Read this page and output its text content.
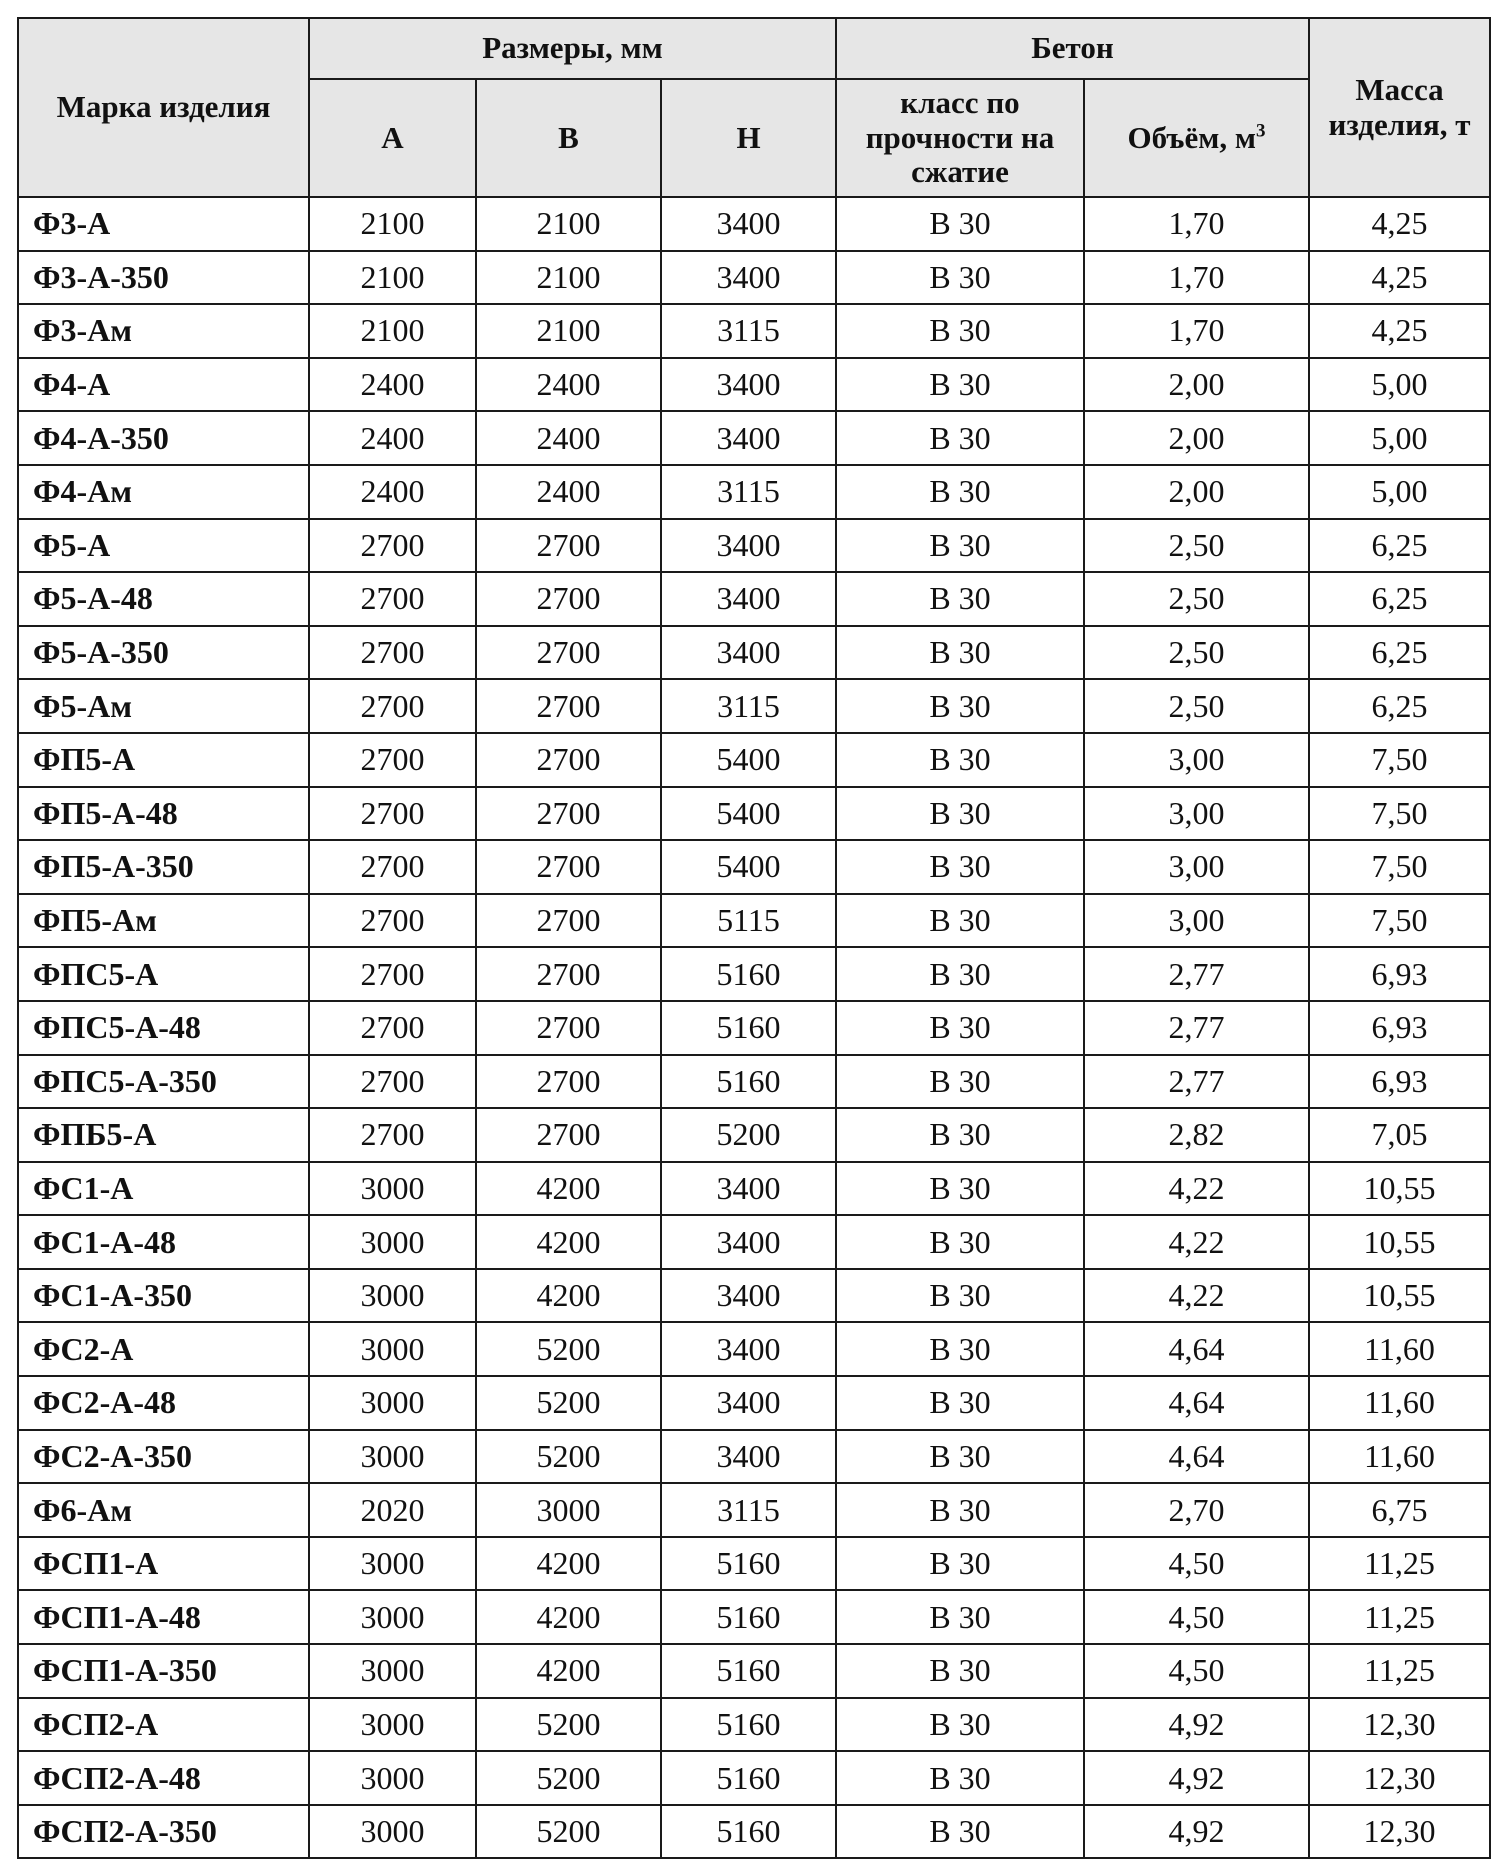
Марка изделия	Размеры, мм			Бетон		Масса изделия, т
	А	В	Н	класс по прочности на сжатие	Объём, $м^3$
Ф3-А	2100	2100	3400	В 30	1,70	4,25
Ф3-А-350	2100	2100	3400	В 30	1,70	4,25
Ф3-Ам	2100	2100	3115	В 30	1,70	4,25
Ф4-А	2400	2400	3400	В 30	2,00	5,00
Ф4-А-350	2400	2400	3400	В 30	2,00	5,00
Ф4-Ам	2400	2400	3115	В 30	2,00	5,00
Ф5-А	2700	2700	3400	В 30	2,50	6,25
Ф5-А-48	2700	2700	3400	В 30	2,50	6,25
Ф5-А-350	2700	2700	3400	В 30	2,50	6,25
Ф5-Ам	2700	2700	3115	В 30	2,50	6,25
ФП5-А	2700	2700	5400	В 30	3,00	7,50
ФП5-А-48	2700	2700	5400	В 30	3,00	7,50
ФП5-А-350	2700	2700	5400	В 30	3,00	7,50
ФП5-Ам	2700	2700	5115	В 30	3,00	7,50
ФПС5-А	2700	2700	5160	В 30	2,77	6,93
ФПС5-А-48	2700	2700	5160	В 30	2,77	6,93
ФПС5-А-350	2700	2700	5160	В 30	2,77	6,93
ФПБ5-А	2700	2700	5200	В 30	2,82	7,05
ФС1-А	3000	4200	3400	В 30	4,22	10,55
ФС1-А-48	3000	4200	3400	В 30	4,22	10,55
ФС1-А-350	3000	4200	3400	В 30	4,22	10,55
ФС2-А	3000	5200	3400	В 30	4,64	11,60
ФС2-А-48	3000	5200	3400	В 30	4,64	11,60
ФС2-А-350	3000	5200	3400	В 30	4,64	11,60
Ф6-Ам	2020	3000	3115	В 30	2,70	6,75
ФСП1-А	3000	4200	5160	В 30	4,50	11,25
ФСП1-А-48	3000	4200	5160	В 30	4,50	11,25
ФСП1-А-350	3000	4200	5160	В 30	4,50	11,25
ФСП2-А	3000	5200	5160	В 30	4,92	12,30
ФСП2-А-48	3000	5200	5160	В 30	4,92	12,30
ФСП2-А-350	3000	5200	5160	В 30	4,92	12,30
